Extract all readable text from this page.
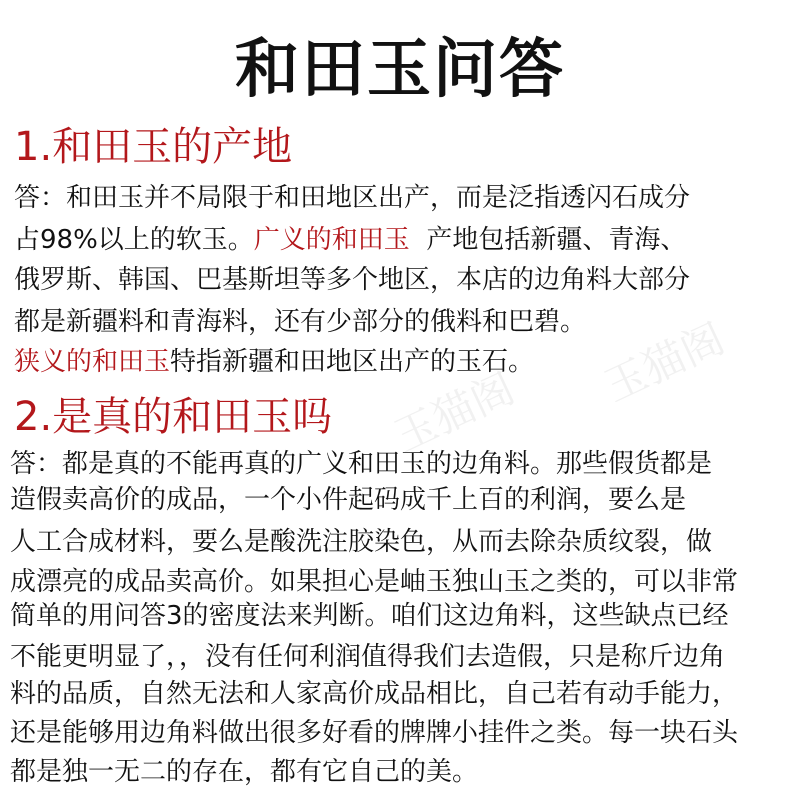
玉猫阁
玉猫阁
和田玉问答
1.和田玉的产地
答：和田玉并不局限于和田地区出产，而是泛指透闪石成分
占98%以上的软玉。广义的和田玉  产地包括新疆、青海、
俄罗斯、韩国、巴基斯坦等多个地区，本店的边角料大部分
都是新疆料和青海料，还有少部分的俄料和巴碧。
狭义的和田玉特指新疆和田地区出产的玉石。
2.是真的和田玉吗
答：都是真的不能再真的广义和田玉的边角料。那些假货都是
造假卖高价的成品，一个小件起码成千上百的利润，要么是
人工合成材料，要么是酸洗注胶染色，从而去除杂质纹裂，做
成漂亮的成品卖高价。如果担心是岫玉独山玉之类的，可以非常
简单的用问答3的密度法来判断。咱们这边角料，这些缺点已经
不能更明显了，，没有任何利润值得我们去造假，只是称斤边角
料的品质，自然无法和人家高价成品相比，自己若有动手能力，
还是能够用边角料做出很多好看的牌牌小挂件之类。每一块石头
都是独一无二的存在，都有它自己的美。
